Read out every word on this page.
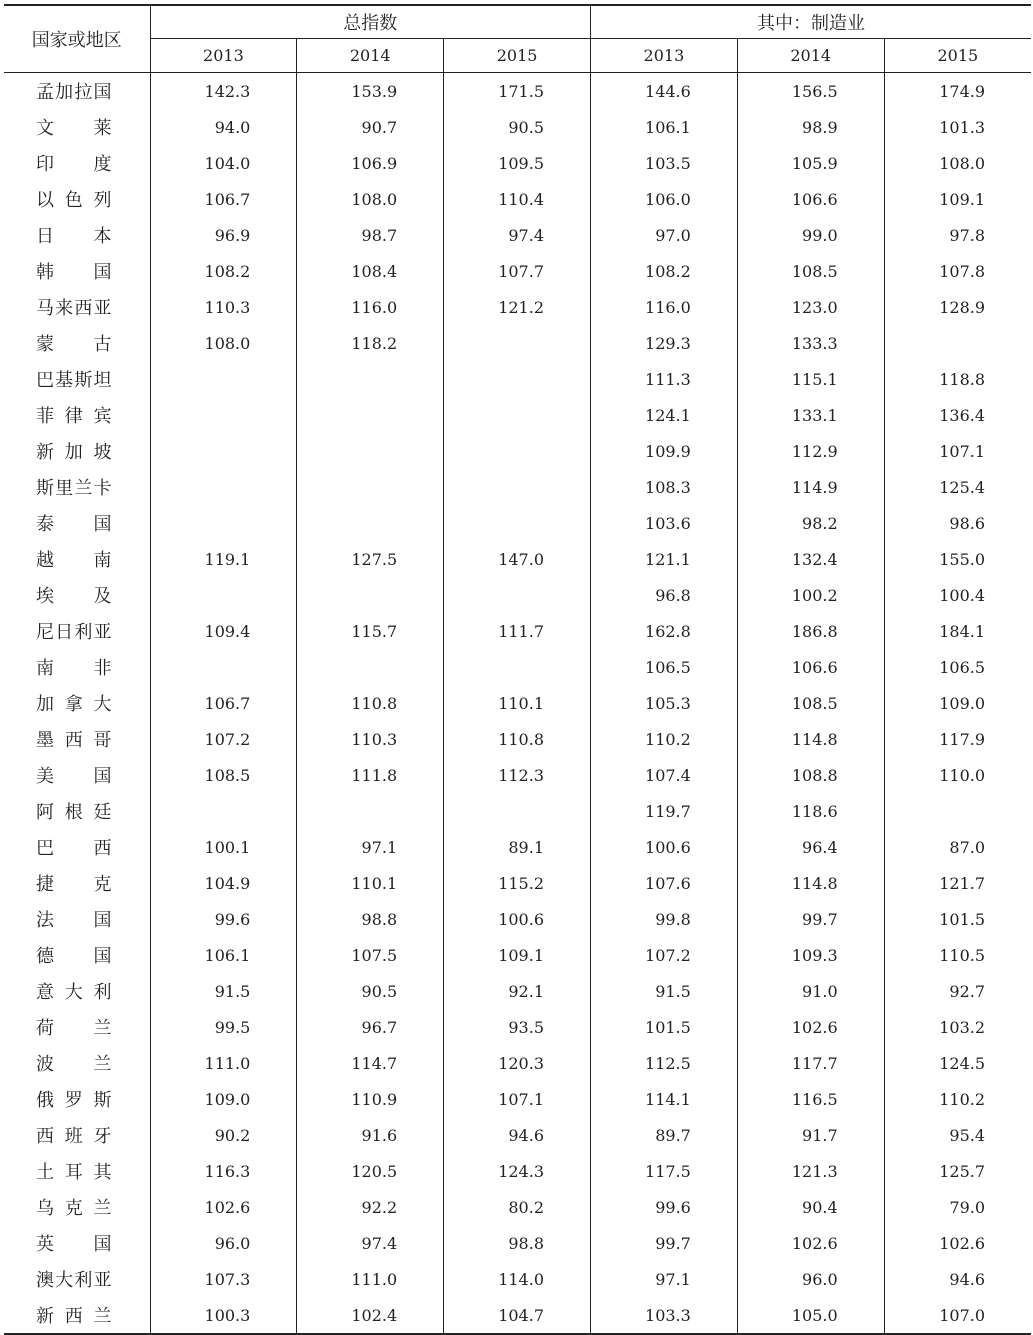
国家或地区	总指数			其中：制造业		
	2013	2014	2015	2013	2014	2015
孟加拉国	142.3	153.9	171.5	144.6	156.5	174.9
文莱	94.0	90.7	90.5	106.1	98.9	101.3
印度	104.0	106.9	109.5	103.5	105.9	108.0
以色列	106.7	108.0	110.4	106.0	106.6	109.1
日本	96.9	98.7	97.4	97.0	99.0	97.8
韩国	108.2	108.4	107.7	108.2	108.5	107.8
马来西亚	110.3	116.0	121.2	116.0	123.0	128.9
蒙古	108.0	118.2		129.3	133.3	
巴基斯坦				111.3	115.1	118.8
菲律宾				124.1	133.1	136.4
新加坡				109.9	112.9	107.1
斯里兰卡				108.3	114.9	125.4
泰国				103.6	98.2	98.6
越南	119.1	127.5	147.0	121.1	132.4	155.0
埃及				96.8	100.2	100.4
尼日利亚	109.4	115.7	111.7	162.8	186.8	184.1
南非				106.5	106.6	106.5
加拿大	106.7	110.8	110.1	105.3	108.5	109.0
墨西哥	107.2	110.3	110.8	110.2	114.8	117.9
美国	108.5	111.8	112.3	107.4	108.8	110.0
阿根廷				119.7	118.6	
巴西	100.1	97.1	89.1	100.6	96.4	87.0
捷克	104.9	110.1	115.2	107.6	114.8	121.7
法国	99.6	98.8	100.6	99.8	99.7	101.5
德国	106.1	107.5	109.1	107.2	109.3	110.5
意大利	91.5	90.5	92.1	91.5	91.0	92.7
荷兰	99.5	96.7	93.5	101.5	102.6	103.2
波兰	111.0	114.7	120.3	112.5	117.7	124.5
俄罗斯	109.0	110.9	107.1	114.1	116.5	110.2
西班牙	90.2	91.6	94.6	89.7	91.7	95.4
土耳其	116.3	120.5	124.3	117.5	121.3	125.7
乌克兰	102.6	92.2	80.2	99.6	90.4	79.0
英国	96.0	97.4	98.8	99.7	102.6	102.6
澳大利亚	107.3	111.0	114.0	97.1	96.0	94.6
新西兰	100.3	102.4	104.7	103.3	105.0	107.0
